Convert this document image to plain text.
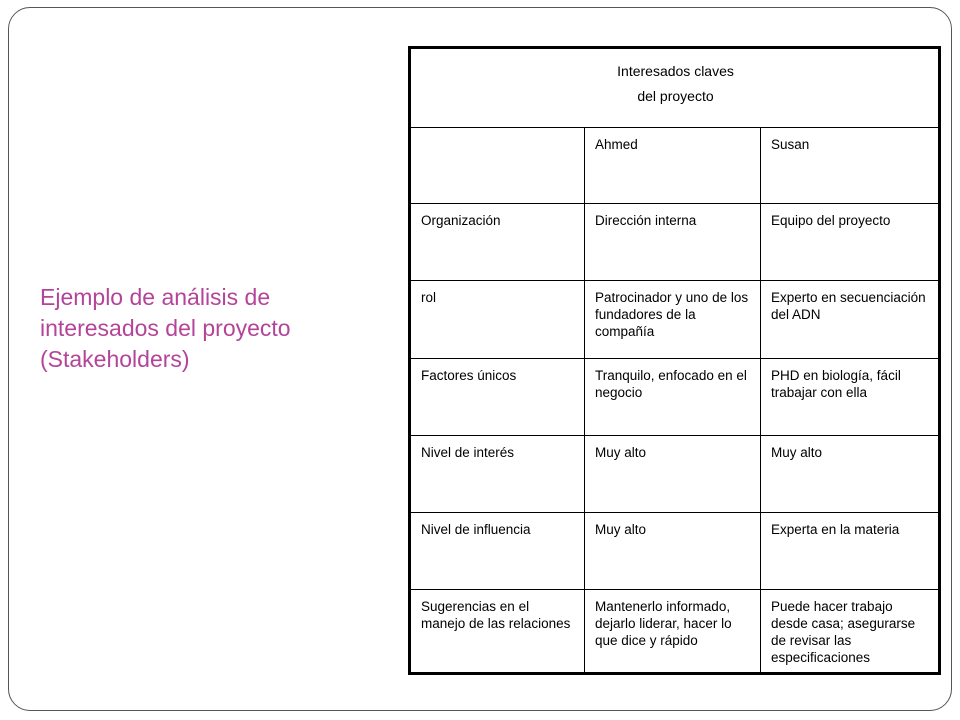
Ejemplo de análisis de
interesados del proyecto
(Stakeholders)
Interesados claves
del proyecto		

	Ahmed	Susan
Organización	Dirección interna	Equipo del proyecto
rol	Patrocinador y uno de los fundadores de la compañía	Experto en secuenciación del ADN
Factores únicos	Tranquilo, enfocado en el negocio	PHD en biología, fácil trabajar con ella
Nivel de interés	Muy alto	Muy alto
Nivel de influencia	Muy alto	Experta en la materia
Sugerencias en el manejo de las relaciones	Mantenerlo informado, dejarlo liderar, hacer lo que dice y rápido	Puede hacer trabajo desde casa; asegurarse de revisar las especificaciones
